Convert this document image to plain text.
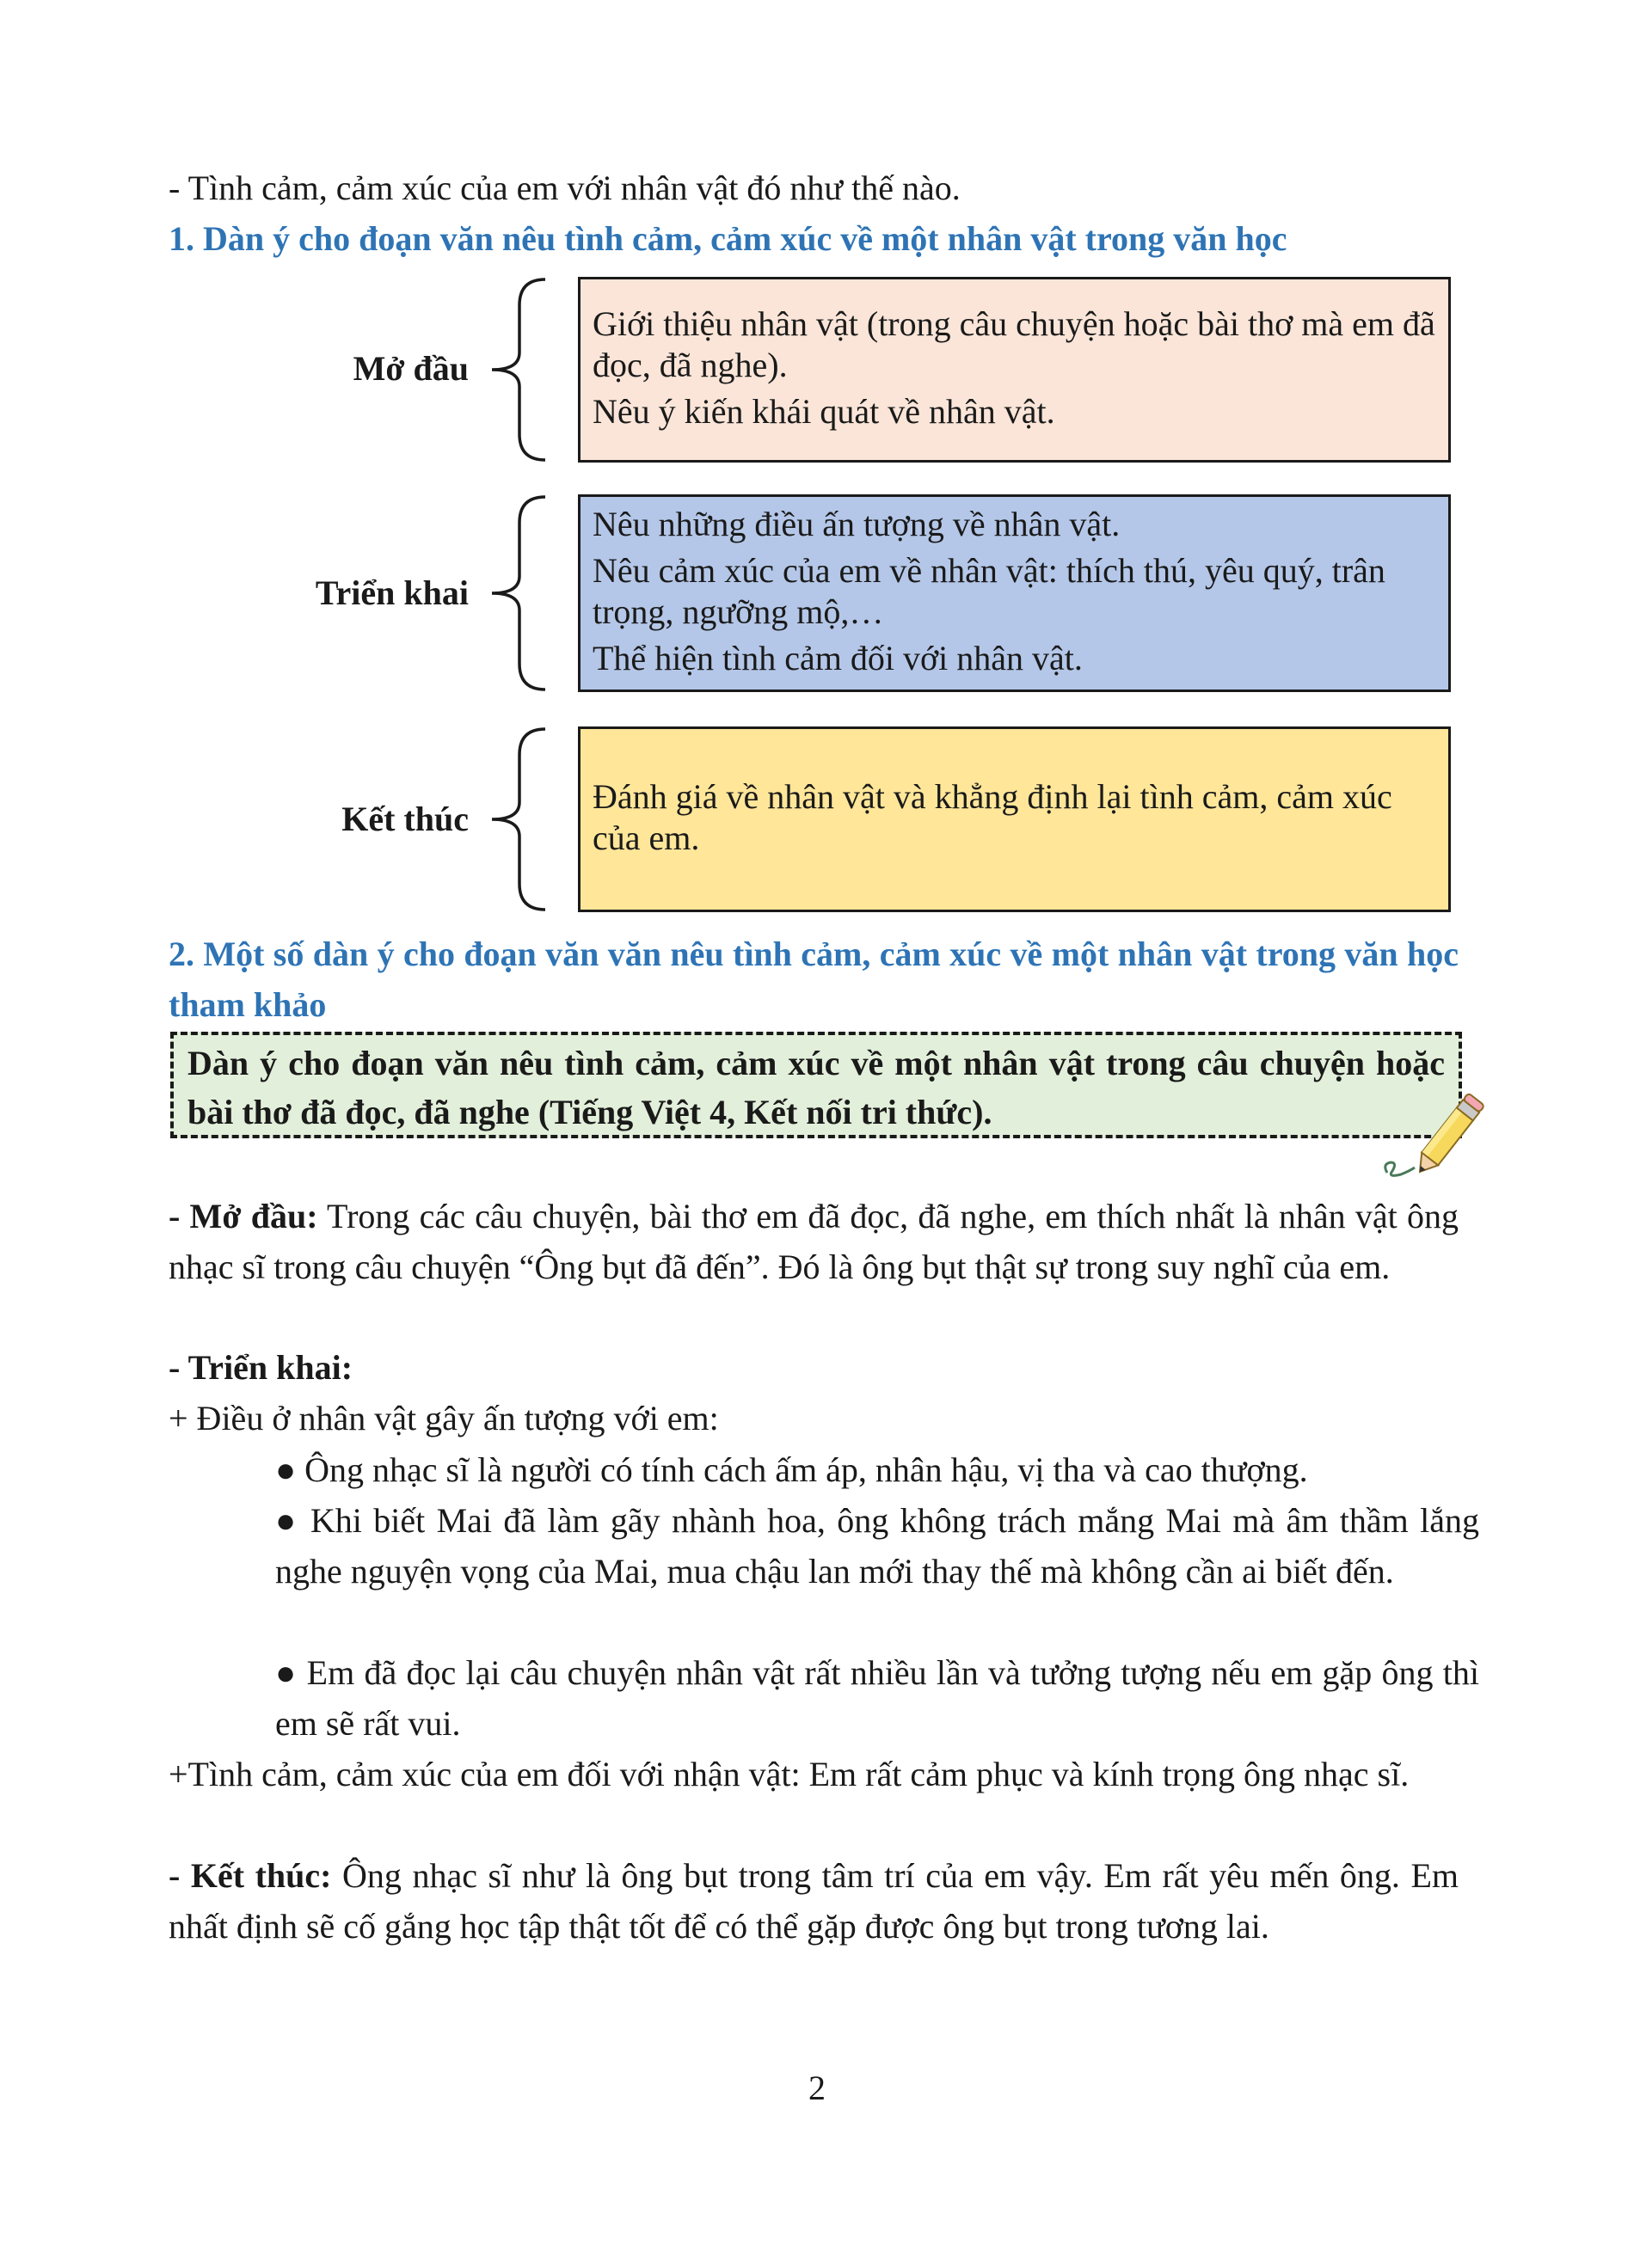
- Tình cảm, cảm xúc của em với nhân vật đó như thế nào.
1. Dàn ý cho đoạn văn nêu tình cảm, cảm xúc về một nhân vật trong văn học
Mở đầu

Giới thiệu nhân vật (trong câu chuyện hoặc bài thơ mà em đã đọc, đã nghe).

Nêu ý kiến khái quát về nhân vật.

Triển khai

Nêu những điều ấn tượng về nhân vật.

Nêu cảm xúc của em về nhân vật: thích thú, yêu quý, trân trọng, ngưỡng mộ,…

Thể hiện tình cảm đối với nhân vật.

Kết thúc

Đánh giá về nhân vật và khẳng định lại tình cảm, cảm xúc của em.

2. Một số dàn ý cho đoạn văn văn nêu tình cảm, cảm xúc về một nhân vật trong văn học tham khảo
Dàn ý cho đoạn văn nêu tình cảm, cảm xúc về một nhân vật trong câu chuyện hoặc bài thơ đã đọc, đã nghe (Tiếng Việt 4, Kết nối tri thức).
- Mở đầu: Trong các câu chuyện, bài thơ em đã đọc, đã nghe, em thích nhất là nhân vật ông nhạc sĩ trong câu chuyện “Ông bụt đã đến”. Đó là ông bụt thật sự trong suy nghĩ của em.
- Triển khai:
+ Điều ở nhân vật gây ấn tượng với em:
● Ông nhạc sĩ là người có tính cách ấm áp, nhân hậu, vị tha và cao thượng.
● Khi biết Mai đã làm gãy nhành hoa, ông không trách mắng Mai mà âm thầm lắng nghe nguyện vọng của Mai, mua chậu lan mới thay thế mà không cần ai biết đến.
● Em đã đọc lại câu chuyện nhân vật rất nhiều lần và tưởng tượng nếu em gặp ông thì em sẽ rất vui.
+Tình cảm, cảm xúc của em đối với nhận vật: Em rất cảm phục và kính trọng ông nhạc sĩ.
- Kết thúc: Ông nhạc sĩ như là ông bụt trong tâm trí của em vậy. Em rất yêu mến ông. Em nhất định sẽ cố gắng học tập thật tốt để có thể gặp được ông bụt trong tương lai.
2
